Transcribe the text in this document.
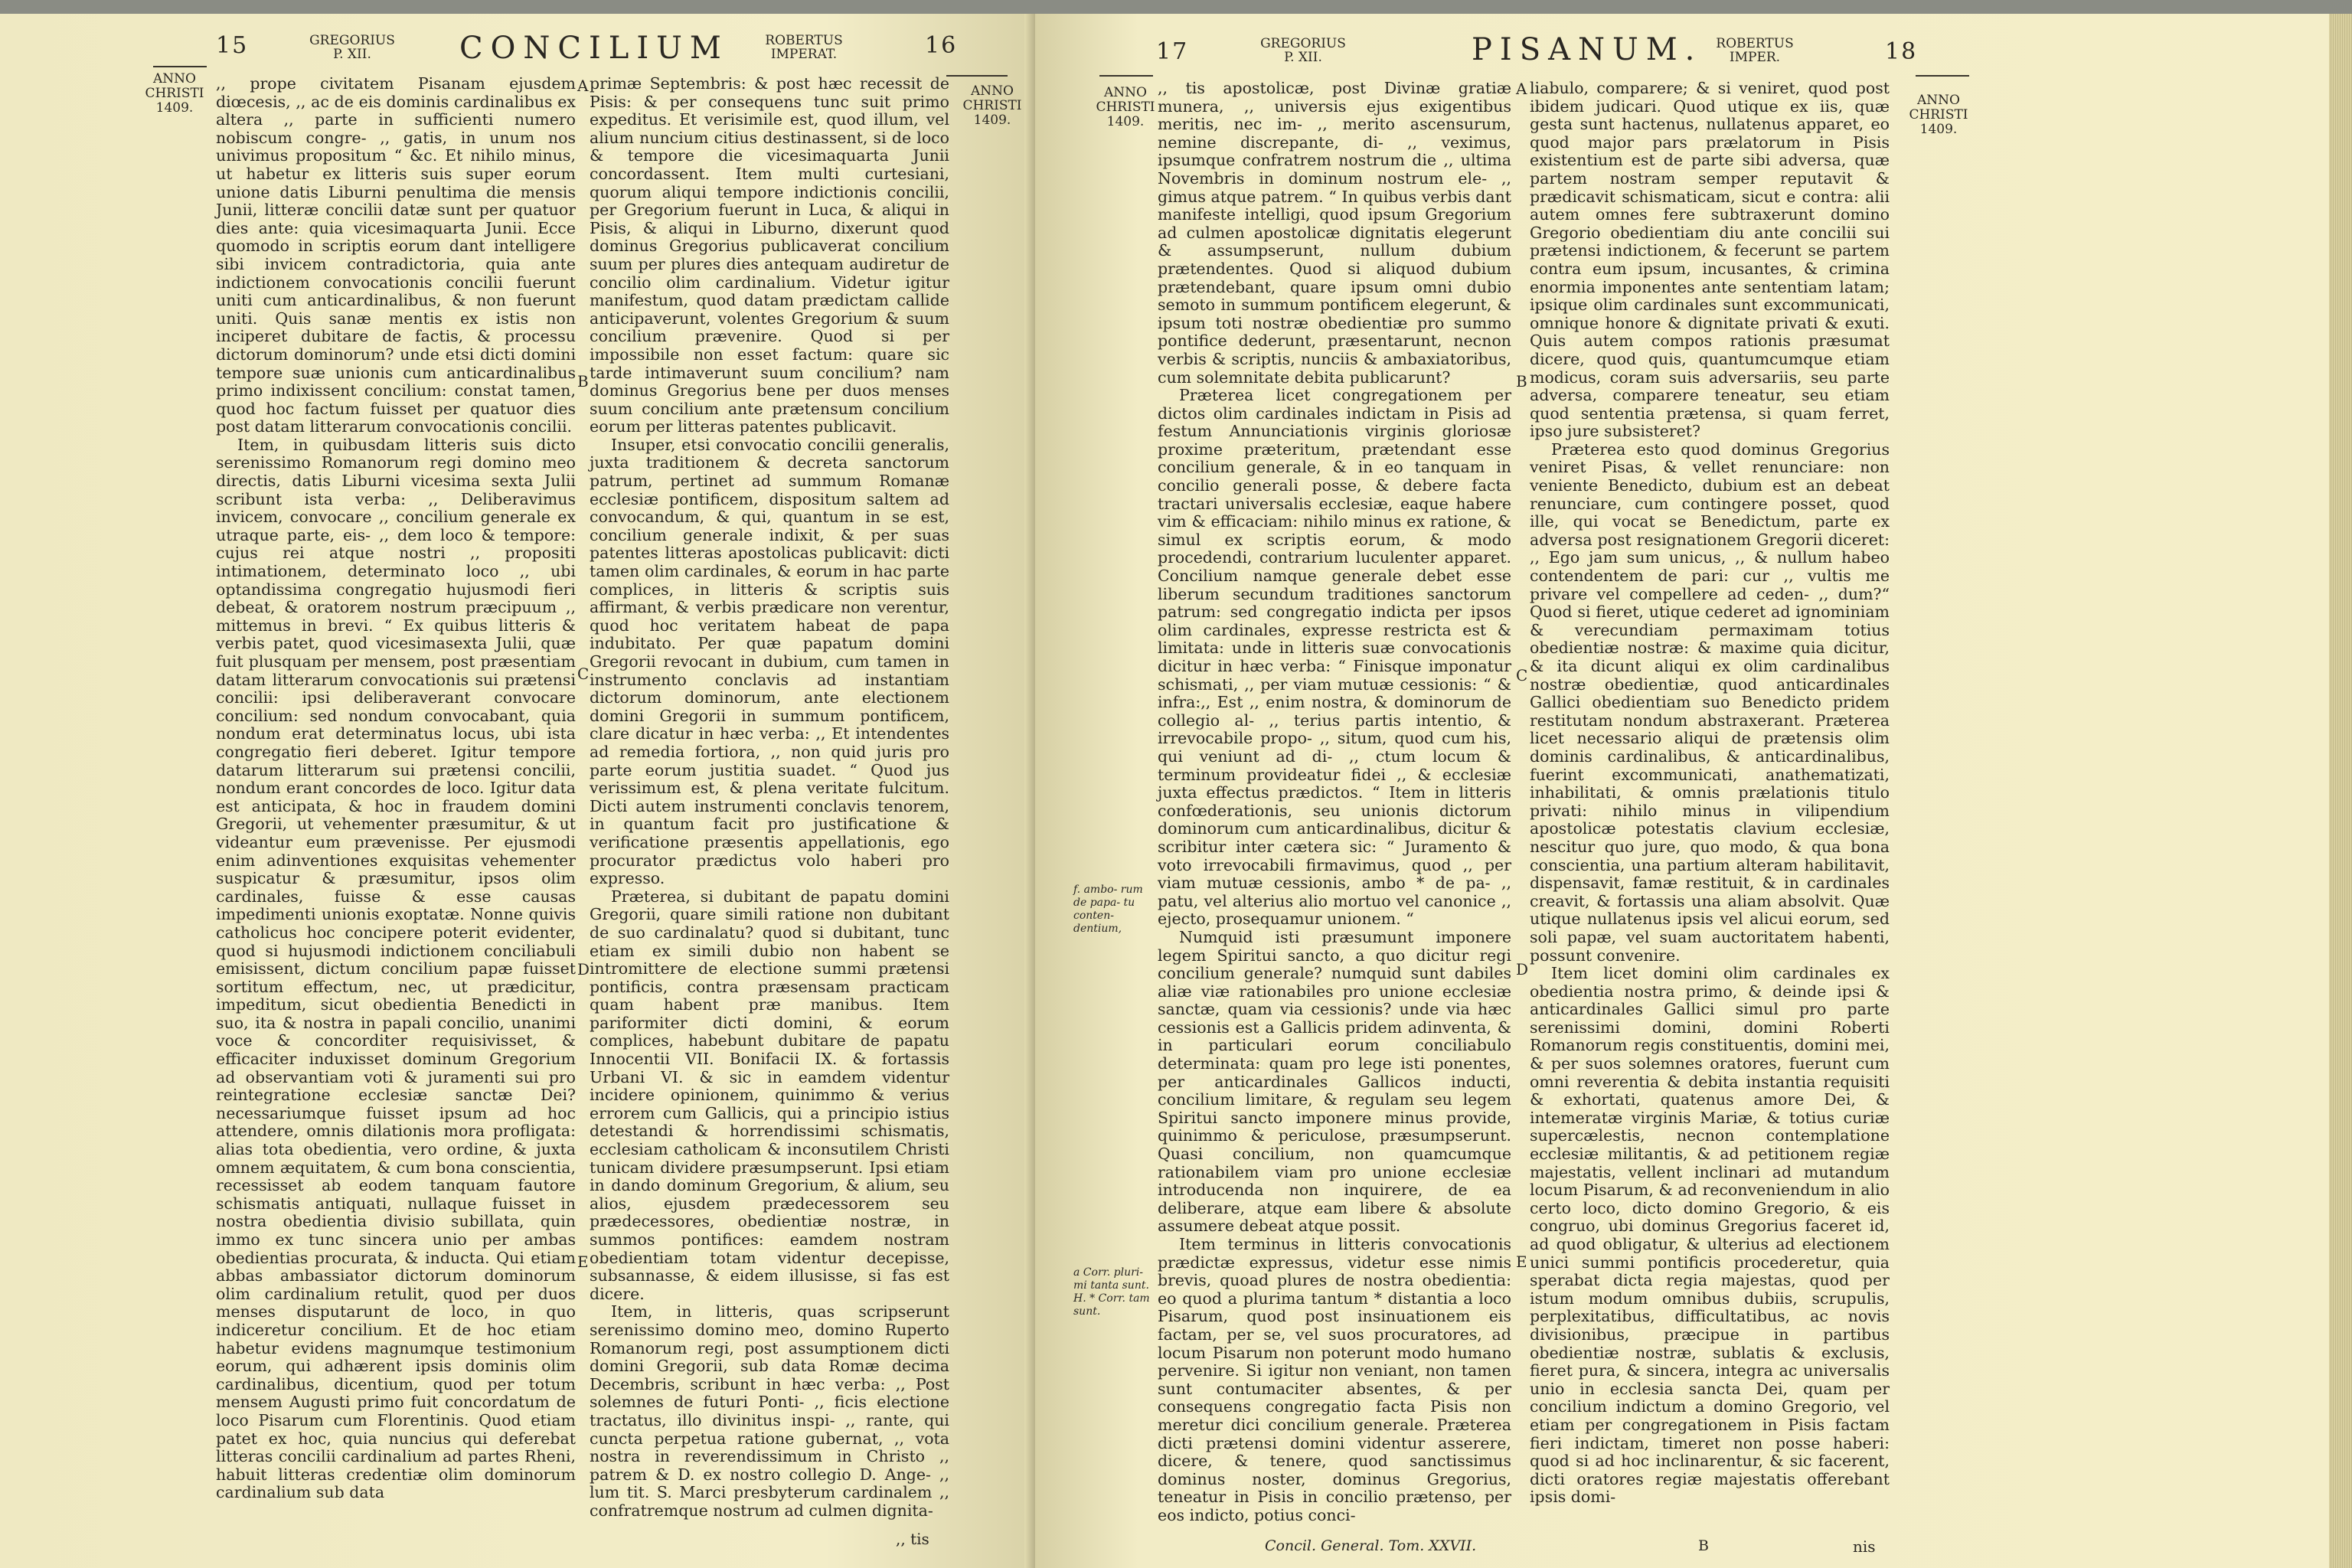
15	GREGORIUS P. XII.	CONCILIUM	ROBERTUS IMPERAT.	16
ANNO CHRISTI 1409.
ANNO CHRISTI 1409.

,, prope civitatem Pisanam ejusdem diœcesis, ,, ac de eis dominis cardinalibus ex altera ,, parte in sufficienti numero nobiscum congre- ,, gatis, in unum nos univimus propositum “ &c. Et nihilo minus, ut habetur ex litteris suis super eorum unione datis Liburni penultima die mensis Junii, litteræ concilii datæ sunt per quatuor dies ante: quia vicesimaquarta Junii. Ecce quomodo in scriptis eorum dant intelligere sibi invicem contradictoria, quia ante indictionem convocationis concilii fuerunt uniti cum anticardinalibus, & non fuerunt uniti. Quis sanæ mentis ex istis non inciperet dubitare de factis, & processu dictorum dominorum? unde etsi dicti domini tempore suæ unionis cum anticardinalibus primo indixissent concilium: constat tamen, quod hoc factum fuisset per quatuor dies post datam litterarum convocationis concilii.

Item, in quibusdam litteris suis dicto serenissimo Romanorum regi domino meo directis, datis Liburni vicesima sexta Julii scribunt ista verba: ,, Deliberavimus invicem, convocare ,, concilium generale ex utraque parte, eis- ,, dem loco & tempore: cujus rei atque nostri ,, propositi intimationem, determinato loco ,, ubi optandissima congregatio hujusmodi fieri debeat, & oratorem nostrum præcipuum ,, mittemus in brevi. “ Ex quibus litteris & verbis patet, quod vicesimasexta Julii, quæ fuit plusquam per mensem, post præsentiam datam litterarum convocationis sui prætensi concilii: ipsi deliberaverant convocare concilium: sed nondum convocabant, quia nondum erat determinatus locus, ubi ista congregatio fieri deberet. Igitur tempore datarum litterarum sui prætensi concilii, nondum erant concordes de loco. Igitur data est anticipata, & hoc in fraudem domini Gregorii, ut vehementer præsumitur, & ut videantur eum prævenisse. Per ejusmodi enim adinventiones exquisitas vehementer suspicatur & præsumitur, ipsos olim cardinales, fuisse & esse causas impedimenti unionis exoptatæ. Nonne quivis catholicus hoc concipere poterit evidenter, quod si hujusmodi indictionem conciliabuli emisissent, dictum concilium papæ fuisset sortitum effectum, nec, ut prædicitur, impeditum, sicut obedientia Benedicti in suo, ita & nostra in papali concilio, unanimi voce & concorditer requisivisset, & efficaciter induxisset dominum Gregorium ad observantiam voti & juramenti sui pro reintegratione ecclesiæ sanctæ Dei? necessariumque fuisset ipsum ad hoc attendere, omnis dilationis mora profligata: alias tota obedientia, vero ordine, & juxta omnem æquitatem, & cum bona conscientia, recessisset ab eodem tanquam fautore schismatis antiquati, nullaque fuisset in nostra obedientia divisio subillata, quin immo ex tunc sincera unio per ambas obedientias procurata, & inducta. Qui etiam abbas ambassiator dictorum dominorum olim cardinalium retulit, quod per duos menses disputarunt de loco, in quo indiceretur concilium. Et de hoc etiam habetur evidens magnumque testimonium eorum, qui adhærent ipsis dominis olim cardinalibus, dicentium, quod per totum mensem Augusti primo fuit concordatum de loco Pisarum cum Florentinis. Quod etiam patet ex hoc, quia nuncius qui deferebat litteras concilii cardinalium ad partes Rheni, habuit litteras credentiæ olim dominorum cardinalium sub data

primæ Septembris: & post hæc recessit de Pisis: & per consequens tunc suit primo expeditus. Et verisimile est, quod illum, vel alium nuncium citius destinassent, si de loco & tempore die vicesimaquarta Junii concordassent. Item multi curtesiani, quorum aliqui tempore indictionis concilii, per Gregorium fuerunt in Luca, & aliqui in Pisis, & aliqui in Liburno, dixerunt quod dominus Gregorius publicaverat concilium suum per plures dies antequam audiretur de concilio olim cardinalium. Videtur igitur manifestum, quod datam prædictam callide anticipaverunt, volentes Gregorium & suum concilium prævenire. Quod si per impossibile non esset factum: quare sic tarde intimaverunt suum concilium? nam dominus Gregorius bene per duos menses suum concilium ante prætensum concilium eorum per litteras patentes publicavit.

Insuper, etsi convocatio concilii generalis, juxta traditionem & decreta sanctorum patrum, pertinet ad summum Romanæ ecclesiæ pontificem, dispositum saltem ad convocandum, & qui, quantum in se est, concilium generale indixit, & per suas patentes litteras apostolicas publicavit: dicti tamen olim cardinales, & eorum in hac parte complices, in litteris & scriptis suis affirmant, & verbis prædicare non verentur, quod hoc veritatem habeat de papa indubitato. Per quæ papatum domini Gregorii revocant in dubium, cum tamen in instrumento conclavis ad instantiam dictorum dominorum, ante electionem domini Gregorii in summum pontificem, clare dicatur in hæc verba: ,, Et intendentes ad remedia fortiora, ,, non quid juris pro parte eorum justitia suadet. “ Quod jus verissimum est, & plena veritate fulcitum. Dicti autem instrumenti conclavis tenorem, in quantum facit pro justificatione & verificatione præsentis appellationis, ego procurator prædictus volo haberi pro expresso.

Præterea, si dubitant de papatu domini Gregorii, quare simili ratione non dubitant de suo cardinalatu? quod si dubitant, tunc etiam ex simili dubio non habent se intromittere de electione summi prætensi pontificis, contra præsensam practicam quam habent præ manibus. Item pariformiter dicti domini, & eorum complices, habebunt dubitare de papatu Innocentii VII. Bonifacii IX. & fortassis Urbani VI. & sic in eamdem videntur incidere opinionem, quinimmo & verius errorem cum Gallicis, qui a principio istius detestandi & horrendissimi schismatis, ecclesiam catholicam & inconsutilem Christi tunicam dividere præsumpserunt. Ipsi etiam in dando dominum Gregorium, & alium, seu alios, ejusdem prædecessorem seu prædecessores, obedientiæ nostræ, in summos pontifices: eamdem nostram obedientiam totam videntur decepisse, subsannasse, & eidem illusisse, si fas est dicere.

Item, in litteris, quas scripserunt serenissimo domino meo, domino Ruperto Romanorum regi, post assumptionem dicti domini Gregorii, sub data Romæ decima Decembris, scribunt in hæc verba: ,, Post solemnes de futuri Ponti- ,, ficis electione tractatus, illo divinitus inspi- ,, rante, qui cuncta perpetua ratione gubernat, ,, vota nostra in reverendissimum in Christo ,, patrem & D. ex nostro collegio D. Ange- ,, lum tit. S. Marci presbyterum cardinalem ,, confratremque nostrum ad culmen dignita-

A
B
C
D
E
,, tis
17	GREGORIUS P. XII.	PISANUM.	ROBERTUS IMPER.	18
ANNO CHRISTI 1409.
ANNO CHRISTI 1409.
f. ambo- rum de papa- tu conten- dentium,
a Corr. pluri- mi tanta sunt. H. * Corr. tam sunt.

,, tis apostolicæ, post Divinæ gratiæ munera, ,, universis ejus exigentibus meritis, nec im- ,, merito ascensurum, nemine discrepante, di- ,, veximus, ipsumque confratrem nostrum die ,, ultima Novembris in dominum nostrum ele- ,, gimus atque patrem. “ In quibus verbis dant manifeste intelligi, quod ipsum Gregorium ad culmen apostolicæ dignitatis elegerunt & assumpserunt, nullum dubium prætendentes. Quod si aliquod dubium prætendebant, quare ipsum omni dubio semoto in summum pontificem elegerunt, & ipsum toti nostræ obedientiæ pro summo pontifice dederunt, præsentarunt, necnon verbis & scriptis, nunciis & ambaxiatoribus, cum solemnitate debita publicarunt?

Præterea licet congregationem per dictos olim cardinales indictam in Pisis ad festum Annunciationis virginis gloriosæ proxime præteritum, prætendant esse concilium generale, & in eo tanquam in concilio generali posse, & debere facta tractari universalis ecclesiæ, eaque habere vim & efficaciam: nihilo minus ex ratione, & simul ex scriptis eorum, & modo procedendi, contrarium luculenter apparet. Concilium namque generale debet esse liberum secundum traditiones sanctorum patrum: sed congregatio indicta per ipsos olim cardinales, expresse restricta est & limitata: unde in litteris suæ convocationis dicitur in hæc verba: “ Finisque imponatur schismati, ,, per viam mutuæ cessionis: “ & infra:,, Est ,, enim nostra, & dominorum de collegio al- ,, terius partis intentio, & irrevocabile propo- ,, situm, quod cum his, qui veniunt ad di- ,, ctum locum & terminum provideatur fidei ,, & ecclesiæ juxta effectus prædictos. “ Item in litteris confœderationis, seu unionis dictorum dominorum cum anticardinalibus, dicitur & scribitur inter cætera sic: “ Juramento & voto irrevocabili firmavimus, quod ,, per viam mutuæ cessionis, ambo * de pa- ,, patu, vel alterius alio mortuo vel canonice ,, ejecto, prosequamur unionem. “

Numquid isti præsumunt imponere legem Spiritui sancto, a quo dicitur regi concilium generale? numquid sunt dabiles aliæ viæ rationabiles pro unione ecclesiæ sanctæ, quam via cessionis? unde via hæc cessionis est a Gallicis pridem adinventa, & in particulari eorum conciliabulo determinata: quam pro lege isti ponentes, per anticardinales Gallicos inducti, concilium limitare, & regulam seu legem Spiritui sancto imponere minus provide, quinimmo & periculose, præsumpserunt. Quasi concilium, non quamcumque rationabilem viam pro unione ecclesiæ introducenda non inquirere, de ea deliberare, atque eam libere & absolute assumere debeat atque possit.

Item terminus in litteris convocationis prædictæ expressus, videtur esse nimis brevis, quoad plures de nostra obedientia: eo quod a plurima tantum * distantia a loco Pisarum, quod post insinuationem eis factam, per se, vel suos procuratores, ad locum Pisarum non poterunt modo humano pervenire. Si igitur non veniant, non tamen sunt contumaciter absentes, & per consequens congregatio facta Pisis non meretur dici concilium generale. Præterea dicti prætensi domini videntur asserere, dicere, & tenere, quod sanctissimus dominus noster, dominus Gregorius, teneatur in Pisis in concilio prætenso, per eos indicto, potius conci-

liabulo, comparere; & si veniret, quod post ibidem judicari. Quod utique ex iis, quæ gesta sunt hactenus, nullatenus apparet, eo quod major pars prælatorum in Pisis existentium est de parte sibi adversa, quæ partem nostram semper reputavit & prædicavit schismaticam, sicut e contra: alii autem omnes fere subtraxerunt domino Gregorio obedientiam diu ante concilii sui prætensi indictionem, & fecerunt se partem contra eum ipsum, incusantes, & crimina enormia imponentes ante sententiam latam; ipsique olim cardinales sunt excommunicati, omnique honore & dignitate privati & exuti. Quis autem compos rationis præsumat dicere, quod quis, quantumcumque etiam modicus, coram suis adversariis, seu parte adversa, comparere teneatur, seu etiam quod sententia prætensa, si quam ferret, ipso jure subsisteret?

Præterea esto quod dominus Gregorius veniret Pisas, & vellet renunciare: non veniente Benedicto, dubium est an debeat renunciare, cum contingere posset, quod ille, qui vocat se Benedictum, parte ex adversa post resignationem Gregorii diceret: ,, Ego jam sum unicus, ,, & nullum habeo contendentem de pari: cur ,, vultis me privare vel compellere ad ceden- ,, dum?“ Quod si fieret, utique cederet ad ignominiam & verecundiam permaximam totius obedientiæ nostræ: & maxime quia dicitur, & ita dicunt aliqui ex olim cardinalibus nostræ obedientiæ, quod anticardinales Gallici obedientiam suo Benedicto pridem restitutam nondum abstraxerant. Præterea licet necessario aliqui de prætensis olim dominis cardinalibus, & anticardinalibus, fuerint excommunicati, anathematizati, inhabilitati, & omnis prælationis titulo privati: nihilo minus in vilipendium apostolicæ potestatis clavium ecclesiæ, nescitur quo jure, quo modo, & qua bona conscientia, una partium alteram habilitavit, dispensavit, famæ restituit, & in cardinales creavit, & fortassis una aliam absolvit. Quæ utique nullatenus ipsis vel alicui eorum, sed soli papæ, vel suam auctoritatem habenti, possunt convenire.

Item licet domini olim cardinales ex obedientia nostra primo, & deinde ipsi & anticardinales Gallici simul pro parte serenissimi domini, domini Roberti Romanorum regis constituentis, domini mei, & per suos solemnes oratores, fuerunt cum omni reverentia & debita instantia requisiti & exhortati, quatenus amore Dei, & intemeratæ virginis Mariæ, & totius curiæ supercælestis, necnon contemplatione ecclesiæ militantis, & ad petitionem regiæ majestatis, vellent inclinari ad mutandum locum Pisarum, & ad reconveniendum in alio certo loco, dicto domino Gregorio, & eis congruo, ubi dominus Gregorius faceret id, ad quod obligatur, & ulterius ad electionem unici summi pontificis procederetur, quia sperabat dicta regia majestas, quod per istum modum omnibus dubiis, scrupulis, perplexitatibus, difficultatibus, ac novis divisionibus, præcipue in partibus obedientiæ nostræ, sublatis & exclusis, fieret pura, & sincera, integra ac universalis unio in ecclesia sancta Dei, quam per concilium indictum a domino Gregorio, vel etiam per congregationem in Pisis factam fieri indictam, timeret non posse haberi: quod si ad hoc inclinarentur, & sic facerent, dicti oratores regiæ majestatis offerebant ipsis domi-

A
B
C
D
E
Concil. General. Tom. XXVII.	B	nis
